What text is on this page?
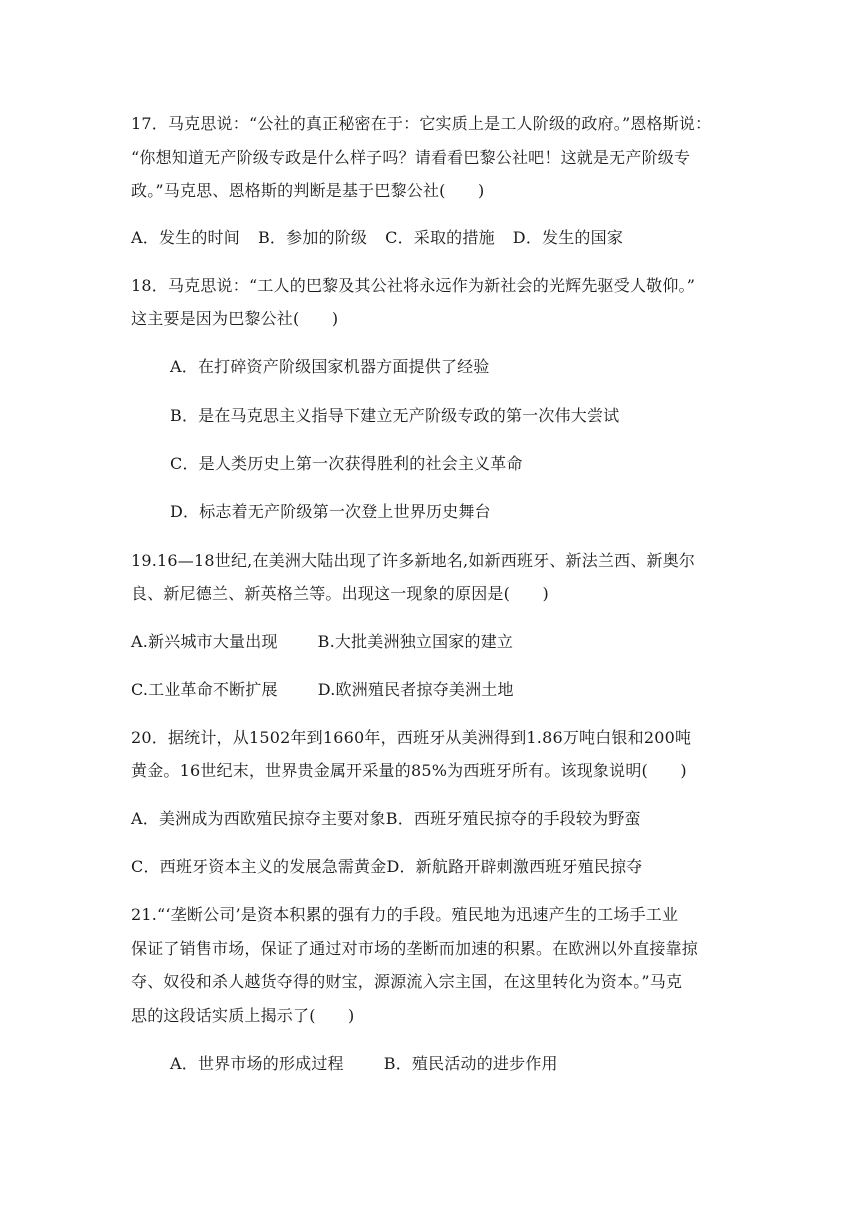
17．马克思说：“公社的真正秘密在于：它实质上是工人阶级的政府。”恩格斯说：
“你想知道无产阶级专政是什么样子吗？请看看巴黎公社吧！这就是无产阶级专
政。”马克思、恩格斯的判断是基于巴黎公社(　　)
A．发生的时间 B．参加的阶级 C．采取的措施 D．发生的国家
18．马克思说：“工人的巴黎及其公社将永远作为新社会的光辉先驱受人敬仰。”
这主要是因为巴黎公社(　　)
A．在打碎资产阶级国家机器方面提供了经验
B．是在马克思主义指导下建立无产阶级专政的第一次伟大尝试
C．是人类历史上第一次获得胜利的社会主义革命
D．标志着无产阶级第一次登上世界历史舞台
19.16—18世纪,在美洲大陆出现了许多新地名,如新西班牙、新法兰西、新奥尔
良、新尼德兰、新英格兰等。出现这一现象的原因是(　　)
A.新兴城市大量出现	B.大批美洲独立国家的建立
C.工业革命不断扩展	D.欧洲殖民者掠夺美洲土地
20．据统计，从1502年到1660年，西班牙从美洲得到1.86万吨白银和200吨
黄金。16世纪末，世界贵金属开采量的85%为西班牙所有。该现象说明(　　)
A．美洲成为西欧殖民掠夺主要对象B．西班牙殖民掠夺的手段较为野蛮
C．西班牙资本主义的发展急需黄金D．新航路开辟刺激西班牙殖民掠夺
21.“‘垄断公司’是资本积累的强有力的手段。殖民地为迅速产生的工场手工业
保证了销售市场，保证了通过对市场的垄断而加速的积累。在欧洲以外直接靠掠
夺、奴役和杀人越货夺得的财宝，源源流入宗主国，在这里转化为资本。”马克
思的这段话实质上揭示了(　　)
A．世界市场的形成过程	B．殖民活动的进步作用
